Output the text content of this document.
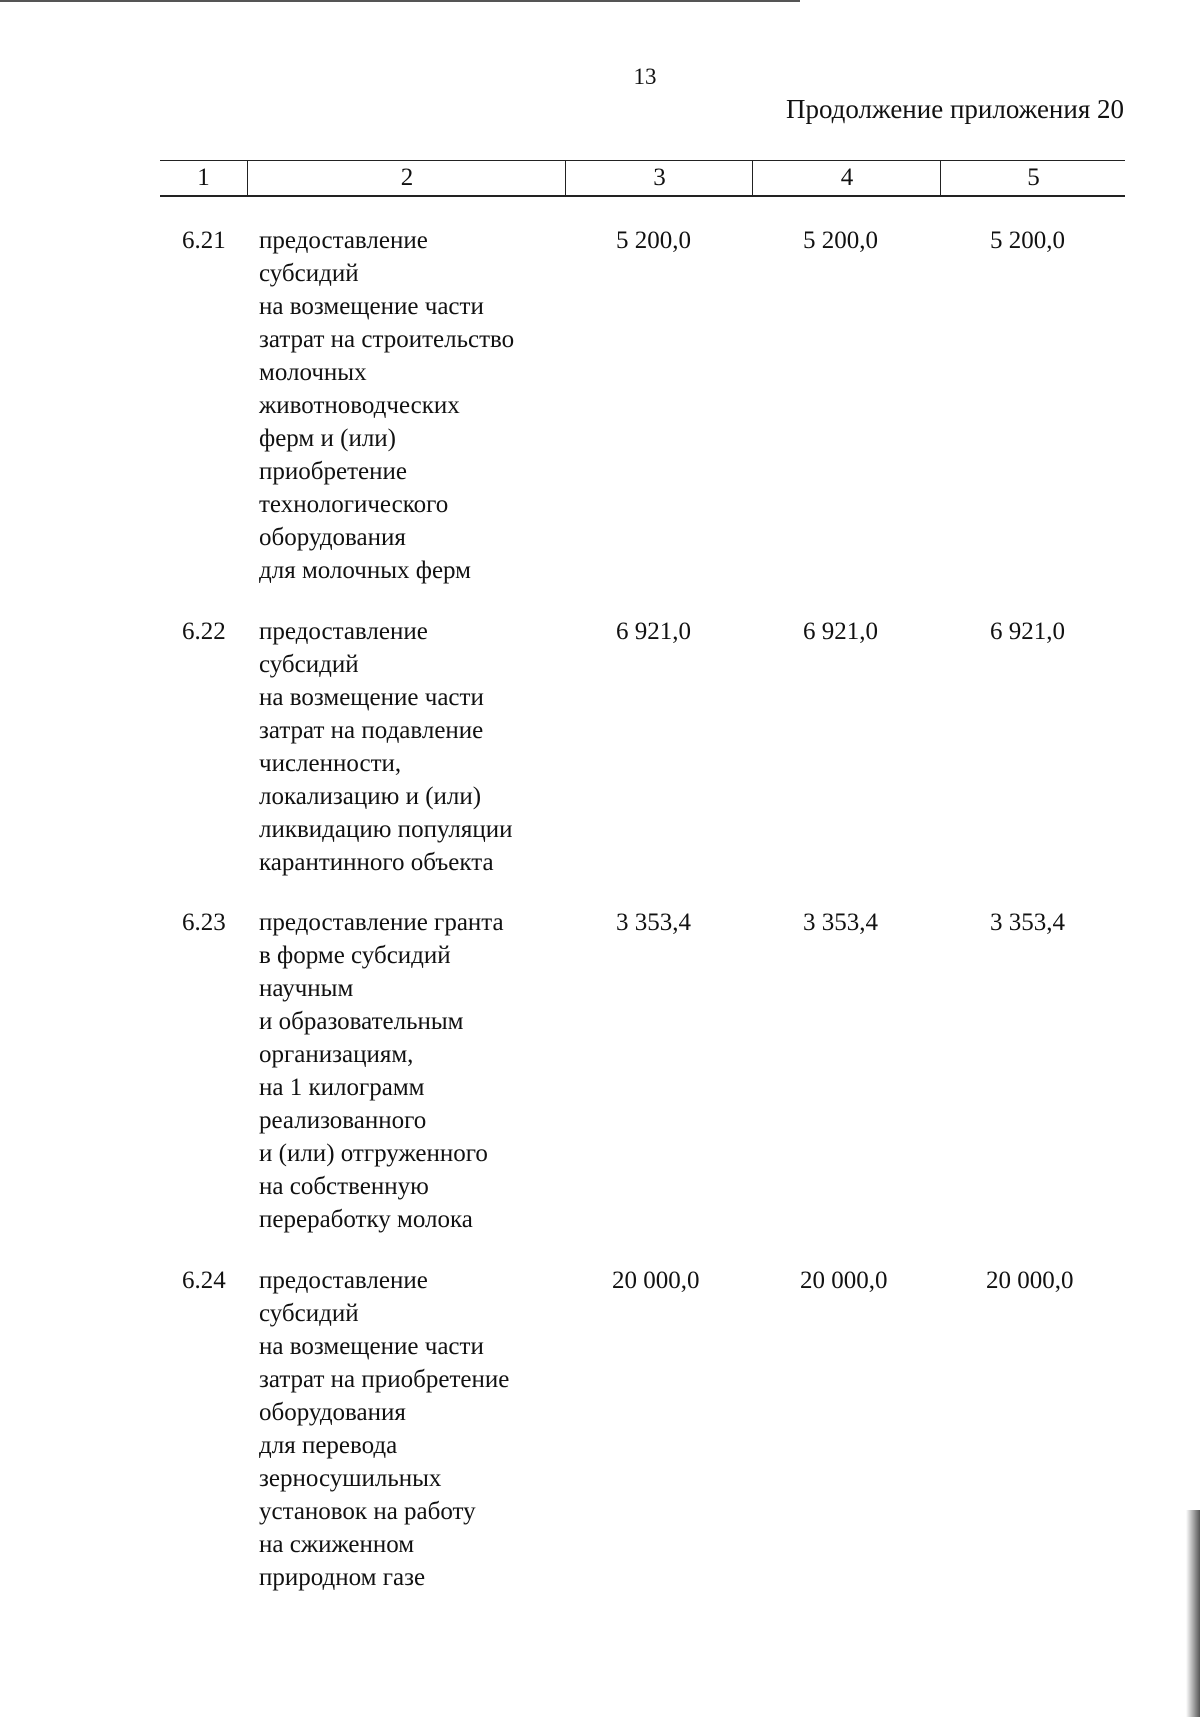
13
Продолжение приложения 20
1	2	3	4	5
6.21 предоставление
субсидий
на возмещение части
затрат на строительство
молочных
животноводческих
ферм и (или)
приобретение
технологического
оборудования
для молочных ферм
5 200,0	5 200,0	5 200,0
6.22 предоставление
субсидий
на возмещение части
затрат на подавление
численности,
локализацию и (или)
ликвидацию популяции
карантинного объекта
6 921,0	6 921,0	6 921,0
6.23 предоставление гранта
в форме субсидий
научным
и образовательным
организациям,
на 1 килограмм
реализованного
и (или) отгруженного
на собственную
переработку молока
3 353,4	3 353,4	3 353,4
6.24 предоставление
субсидий
на возмещение части
затрат на приобретение
оборудования
для перевода
зерносушильных
установок на работу
на сжиженном
природном газе
20 000,0	20 000,0	20 000,0
